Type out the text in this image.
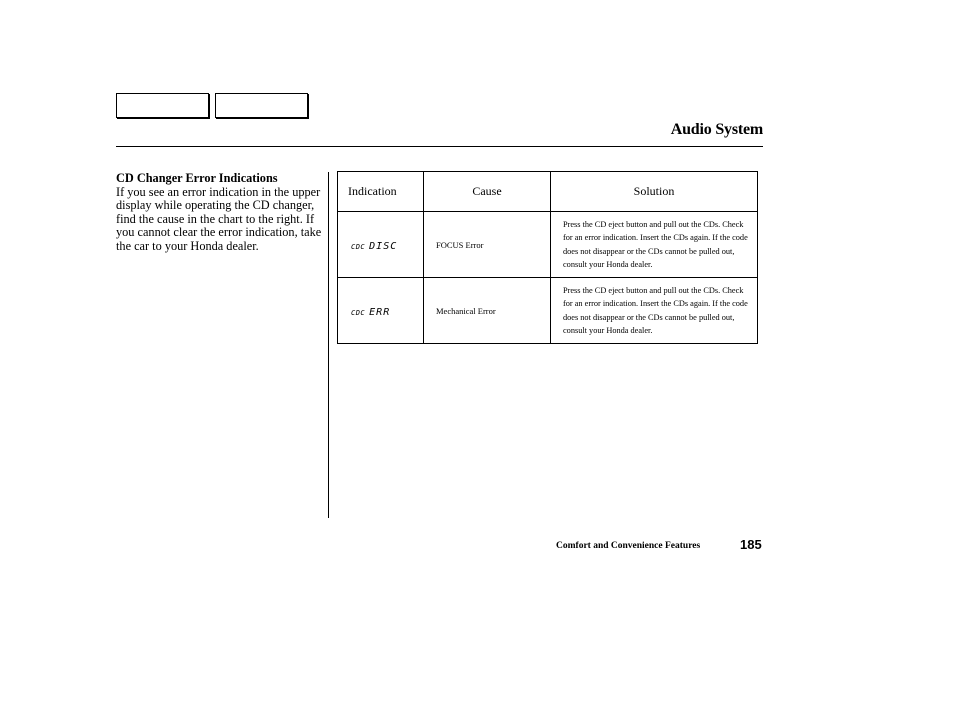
Audio System
CD Changer Error Indications

If you see an error indication in the upper display while operating the CD changer, find the cause in the chart to the right. If you cannot clear the error indication, take the car to your Honda dealer.

Indication	Cause	Solution

CDC DISC	FOCUS Error	Press the CD eject button and pull out the CDs. Check for an error indication. Insert the CDs again. If the code does not disappear or the CDs cannot be pulled out, consult your Honda dealer.

CDC ERR	Mechanical Error	Press the CD eject button and pull out the CDs. Check for an error indication. Insert the CDs again. If the code does not disappear or the CDs cannot be pulled out, consult your Honda dealer.
Comfort and Convenience Features	185
